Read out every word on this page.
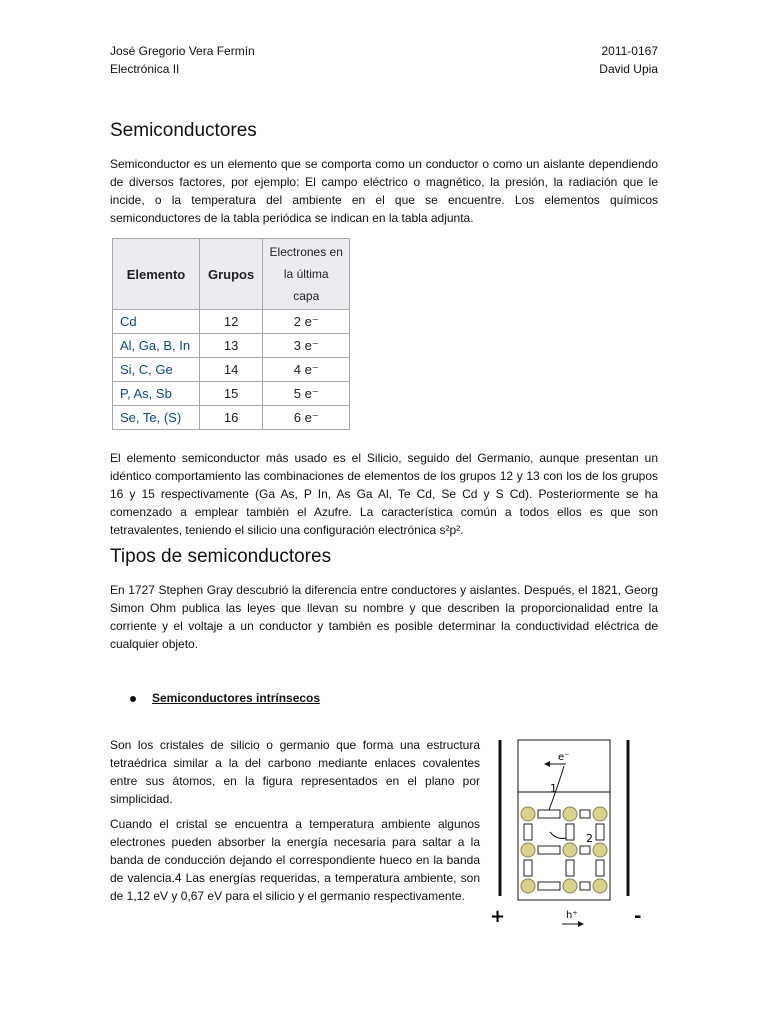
José Gregorio Vera Fermín
Electrónica II
2011-0167
David Upia
Semiconductores

Semiconductor es un elemento que se comporta como un conductor o como un aislante dependiendo de diversos factores, por ejemplo: El campo eléctrico o magnético, la presión, la radiación que le incide, o la temperatura del ambiente en el que se encuentre. Los elementos químicos semiconductores de la tabla periódica se indican en la tabla adjunta.

Elemento	Grupos	Electrones en la última capa
Cd	12	2 e⁻
Al, Ga, B, In	13	3 e⁻
Si, C, Ge	14	4 e⁻
P, As, Sb	15	5 e⁻
Se, Te, (S)	16	6 e⁻

El elemento semiconductor más usado es el Silicio, seguido del Germanio, aunque presentan un idéntico comportamiento las combinaciones de elementos de los grupos 12 y 13 con los de los grupos 16 y 15 respectivamente (Ga As, P In, As Ga Al, Te Cd, Se Cd y S Cd). Posteriormente se ha comenzado a emplear también el Azufre. La característica común a todos ellos es que son tetravalentes, teniendo el silicio una configuración electrónica s²p².

Tipos de semiconductores

En 1727 Stephen Gray descubrió la diferencia entre conductores y aislantes. Después, el 1821, Georg Simon Ohm publica las leyes que llevan su nombre y que describen la proporcionalidad entre la corriente y el voltaje a un conductor y también es posible determinar la conductividad eléctrica de cualquier objeto.

Semiconductores intrínsecos

Son los cristales de silicio o germanio que forma una estructura tetraédrica similar a la del carbono mediante enlaces covalentes entre sus átomos, en la figura representados en el plano por simplicidad.

Cuando el cristal se encuentra a temperatura ambiente algunos electrones pueden absorber la energía necesaria para saltar a la banda de conducción dejando el correspondiente hueco en la banda de valencia.4 Las energías requeridas, a temperatura ambiente, son de 1,12 eV y 0,67 eV para el silicio y el germanio respectivamente.

e⁻
1
2
+	-
h⁺
